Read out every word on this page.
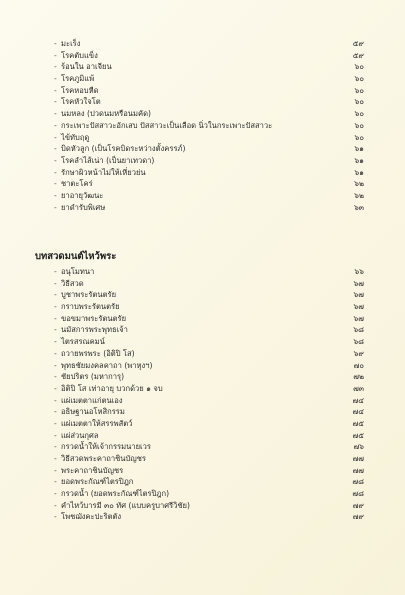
- มะเร็ง	๕๙
- โรคตับแข็ง	๕๙
- ร้อนใน อาเจียน	๖๐
- โรคภูมิแพ้	๖๐
- โรคหอบหืด	๖๐
- โรคหัวใจโต	๖๐
- นมหลง (ปวดนมหรือนมคัด)	๖๐
- กระเพาะปัสสาวะอักเสบ ปัสสาวะเป็นเลือด นิ่วในกระเพาะปัสสาวะ	๖๐
- ไข้ทับฤดู	๖๐
- บิดหัวลูก (เป็นโรคบิดระหว่างตั้งครรภ์)	๖๑
- โรคลำไส้เน่า (เป็นยาเทวดา)	๖๑
- รักษาผิวหน้าไม่ให้เหี่ยวย่น	๖๑
- ชาตะโคร่	๖๒
- ยาอายุวัฒนะ	๖๒
- ยาดำรับพิเศษ	๖๓
บทสวดมนต์ไหว้พระ
- อนุโมทนา	๖๖
- วิธีสวด	๖๗
- บูชาพระรัตนตรัย	๖๗
- กราบพระรัตนตรัย	๖๗
- ขอขมาพระรัตนตรัย	๖๗
- นมัสการพระพุทธเจ้า	๖๘
- ไตรสรณคมน์	๖๘
- ถวายพรพระ (อิติปิ โส)	๖๙
- พุทธชัยมงคลคาถา (พาหุงฯ)	๗๐
- ชัยปริตร (มหาการุ)	๗๒
- อิติปิ โส เท่าอายุ บวกด้วย ๑ จบ	๗๓
- แผ่เมตตาแก่ตนเอง	๗๔
- อธิษฐานอโหสิกรรม	๗๔
- แผ่เมตตาให้สรรพสัตว์	๗๕
- แผ่ส่วนกุศล	๗๕
- กรวดน้ำให้เจ้ากรรมนายเวร	๗๖
- วิธีสวดพระคาถาชินบัญชร	๗๗
- พระคาถาชินบัญชร	๗๗
- ยอดพระกัณฑ์ไตรปิฎก	๗๘
- กรวดน้ำ (ยอดพระกัณฑ์ไตรปิฎก)	๗๘
- คำไหว้บารมี ๓๐ ทัศ (แบบครูบาศรีวิชัย)	๗๙
- โพชฌังคะปะริตตัง	๗๙
